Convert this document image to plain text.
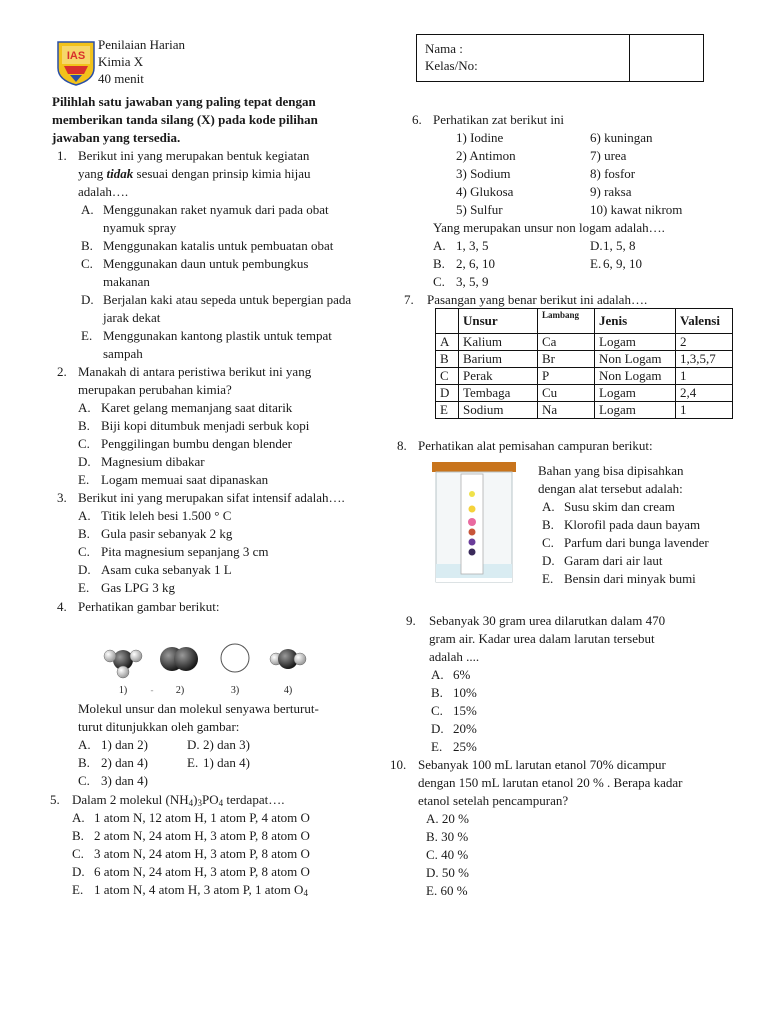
IAS
Penilaian Harian
Kimia X
40 menit
Nama :
Kelas/No:
Pilihlah satu jawaban yang paling tepat dengan
memberikan tanda silang (X) pada kode pilihan
jawaban yang tersedia.
1. Berikut ini yang merupakan bentuk kegiatan
yang tidak sesuai dengan prinsip kimia hijau
adalah….
A. Menggunakan raket nyamuk dari pada obat
nyamuk spray
B. Menggunakan katalis untuk pembuatan obat
C. Menggunakan daun untuk pembungkus
makanan
D. Berjalan kaki atau sepeda untuk bepergian pada
jarak dekat
E. Menggunakan kantong plastik untuk tempat
sampah
2. Manakah di antara peristiwa berikut ini yang
merupakan perubahan kimia?
A. Karet gelang memanjang saat ditarik
B. Biji kopi ditumbuk menjadi serbuk kopi
C. Penggilingan bumbu dengan blender
D. Magnesium dibakar
E. Logam memuai saat dipanaskan
3. Berikut ini yang merupakan sifat intensif adalah….
A. Titik leleh besi 1.500 ° C
B. Gula pasir sebanyak 2 kg
C. Pita magnesium sepanjang 3 cm
D. Asam cuka sebanyak 1 L
E. Gas LPG 3 kg
4. Perhatikan gambar berikut:
1)	- 2)	3)	4)
Molekul unsur dan molekul senyawa berturut-
turut ditunjukkan oleh gambar:
A. 1) dan 2)	D. 2) dan 3)
B. 2) dan 4)	E. 1) dan 4)
C. 3) dan 4)
5. Dalam 2 molekul $(NH_4)_3PO_4$ terdapat….
A. 1 atom N, 12 atom H, 1 atom P, 4 atom O
B. 2 atom N, 24 atom H, 3 atom P, 8 atom O
C. 3 atom N, 24 atom H, 3 atom P, 8 atom O
D. 6 atom N, 24 atom H, 3 atom P, 8 atom O
E. 1 atom N, 4 atom H, 3 atom P, 1 atom $O_4$
6. Perhatikan zat berikut ini
1) Iodine
2) Antimon
3) Sodium
4) Glukosa
5) Sulfur
6) kuningan
7) urea
8) fosfor
9) raksa
10) kawat nikrom
Yang merupakan unsur non logam adalah….
A. 1, 3, 5
B. 2, 6, 10
C. 3, 5, 9
D. 1, 5, 8
E. 6, 9, 10
7. Pasangan yang benar berikut ini adalah….
	Unsur	Lambang	Jenis	Valensi
A	Kalium	Ca	Logam	2
B	Barium	Br	Non Logam	1,3,5,7
C	Perak	P	Non Logam	1
D	Tembaga	Cu	Logam	2,4
E	Sodium	Na	Logam	1
8. Perhatikan alat pemisahan campuran berikut:
Bahan yang bisa dipisahkan
dengan alat tersebut adalah:
A. Susu skim dan cream
B. Klorofil pada daun bayam
C. Parfum dari bunga lavender
D. Garam dari air laut
E. Bensin dari minyak bumi
9. Sebanyak 30 gram urea dilarutkan dalam 470
gram air. Kadar urea dalam larutan tersebut
adalah ....
A. 6%
B. 10%
C. 15%
D. 20%
E. 25%
10. Sebanyak 100 mL larutan etanol 70% dicampur
dengan 150 mL larutan etanol 20 % . Berapa kadar
etanol setelah pencampuran?
A. 20 %
B. 30 %
C. 40 %
D. 50 %
E. 60 %
